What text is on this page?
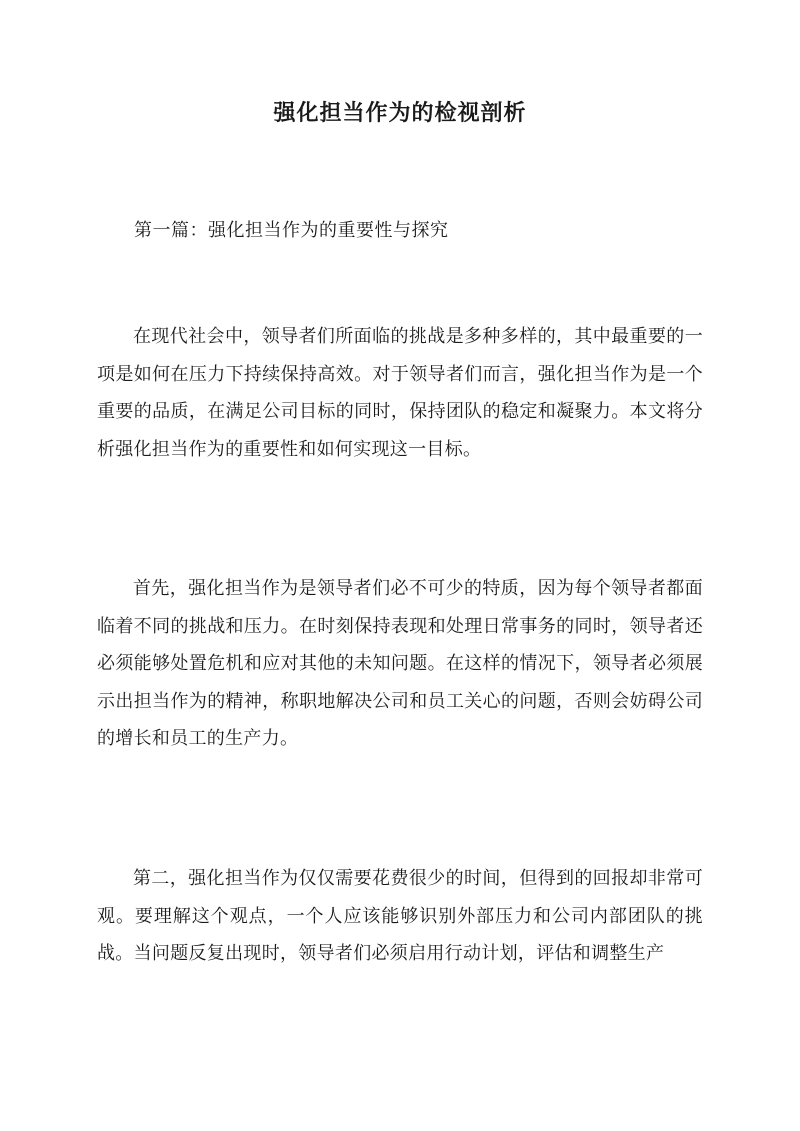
强化担当作为的检视剖析
第一篇：强化担当作为的重要性与探究

在现代社会中，领导者们所面临的挑战是多种多样的，其中最重要的一项是如何在压力下持续保持高效。对于领导者们而言，强化担当作为是一个重要的品质，在满足公司目标的同时，保持团队的稳定和凝聚力。本文将分析强化担当作为的重要性和如何实现这一目标。

首先，强化担当作为是领导者们必不可少的特质，因为每个领导者都面临着不同的挑战和压力。在时刻保持表现和处理日常事务的同时，领导者还必须能够处置危机和应对其他的未知问题。在这样的情况下，领导者必须展示出担当作为的精神，称职地解决公司和员工关心的问题，否则会妨碍公司的增长和员工的生产力。

第二，强化担当作为仅仅需要花费很少的时间，但得到的回报却非常可观。要理解这个观点，一个人应该能够识别外部压力和公司内部团队的挑战。当问题反复出现时，领导者们必须启用行动计划，评估和调整生产
